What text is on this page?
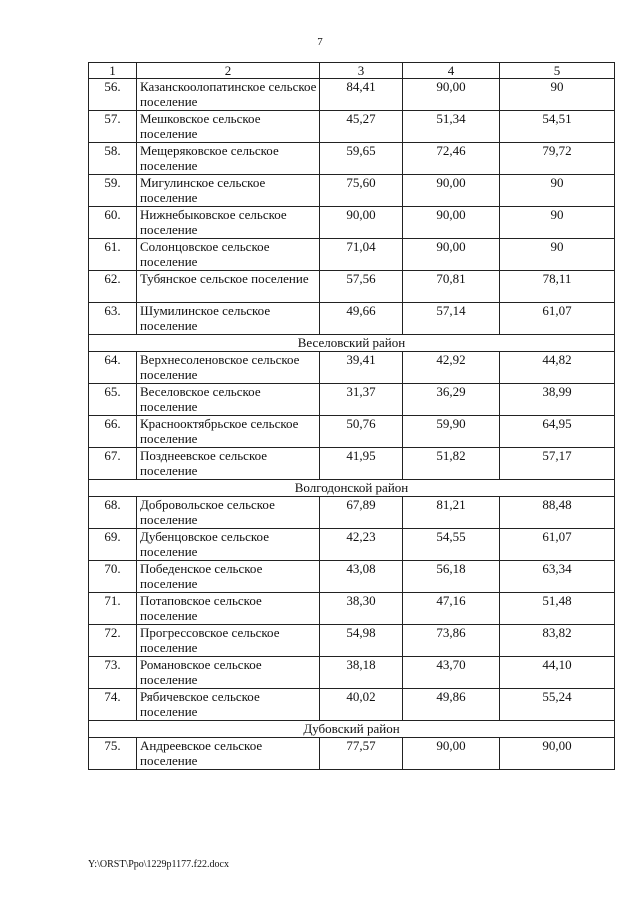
7
1	2	3	4	5
56.	Казанскоолопатинское сельское поселение	84,41	90,00	90
57.	Мешковское сельское поселение	45,27	51,34	54,51
58.	Мещеряковское сельское поселение	59,65	72,46	79,72
59.	Мигулинское сельское поселение	75,60	90,00	90
60.	Нижнебыковское сельское поселение	90,00	90,00	90
61.	Солонцовское сельское поселение	71,04	90,00	90
62.	Тубянское сельское поселение	57,56	70,81	78,11
63.	Шумилинское сельское поселение	49,66	57,14	61,07
Веселовский район				
64.	Верхнесоленовское сельское поселение	39,41	42,92	44,82
65.	Веселовское сельское поселение	31,37	36,29	38,99
66.	Краснооктябрьское сельское поселение	50,76	59,90	64,95
67.	Позднеевское сельское поселение	41,95	51,82	57,17
Волгодонской район				
68.	Добровольское сельское поселение	67,89	81,21	88,48
69.	Дубенцовское сельское поселение	42,23	54,55	61,07
70.	Победенское сельское поселение	43,08	56,18	63,34
71.	Потаповское сельское поселение	38,30	47,16	51,48
72.	Прогрессовское сельское поселение	54,98	73,86	83,82
73.	Романовское сельское поселение	38,18	43,70	44,10
74.	Рябичевское сельское поселение	40,02	49,86	55,24
Дубовский район				
75.	Андреевское сельское поселение	77,57	90,00	90,00
Y:\ORST\Ppo\1229p1177.f22.docx
